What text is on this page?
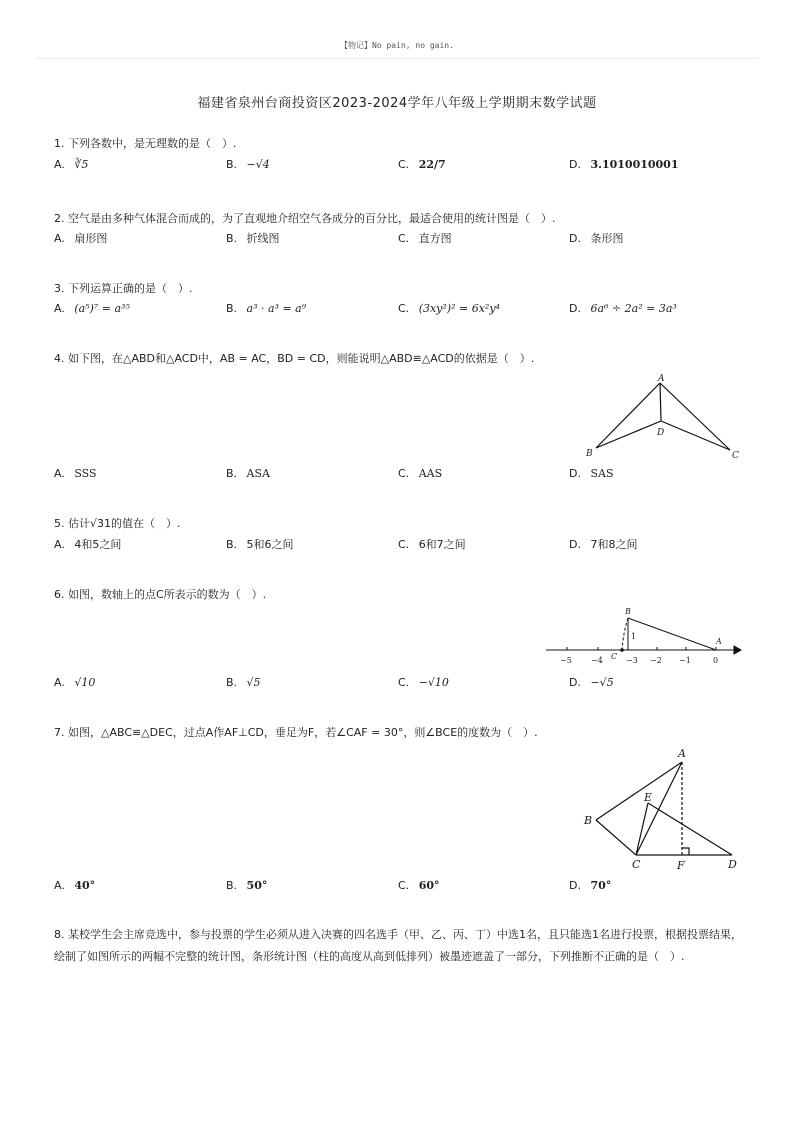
【物记】No pain, no gain.
福建省泉州台商投资区2023-2024学年八年级上学期期末数学试题
1. 下列各数中，是无理数的是（　）.
A. ∛5	B. −√4	C. 22/7	D. 3.1010010001
2. 空气是由多种气体混合而成的，为了直观地介绍空气各成分的百分比，最适合使用的统计图是（　）.
A. 扇形图	B. 折线图	C. 直方图	D. 条形图
3. 下列运算正确的是（　）.
A. (a⁵)⁷ = a³⁵	B. a³ · a³ = a⁹	C. (3xy²)² = 6x²y⁴	D. 6a⁶ ÷ 2a² = 3a³
4. 如下图，在△ABD和△ACD中，AB = AC，BD = CD，则能说明△ABD≌△ACD的依据是（　）.
A
B	C
D
A. SSS	B. ASA	C. AAS	D. SAS
5. 估计√31的值在（　）.
A. 4和5之间	B. 5和6之间	C. 6和7之间	D. 7和8之间
6. 如图，数轴上的点C所表示的数为（　）.
B
A
C
1
−5 −4	−3 −2 −1	0
A. √10	B. √5	C. −√10	D. −√5
7. 如图，△ABC≌△DEC，过点A作AF⊥CD，垂足为F，若∠CAF = 30°，则∠BCE的度数为（　）.
A
E
B
C	F	D
A. 40°	B. 50°	C. 60°	D. 70°
8. 某校学生会主席竞选中，参与投票的学生必须从进入决赛的四名选手（甲、乙、丙、丁）中选1名，且只能选1名进行投票，根据投票结果，绘制了如图所示的两幅不完整的统计图，条形统计图（柱的高度从高到低排列）被墨迹遮盖了一部分，下列推断不正确的是（　）.
